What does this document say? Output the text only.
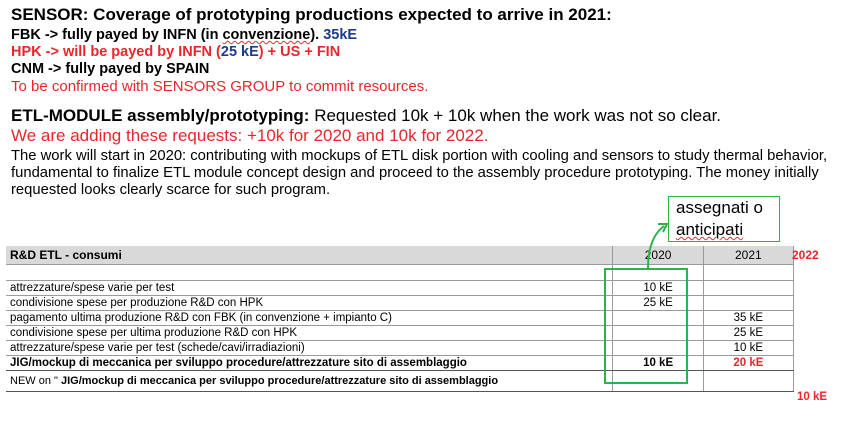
SENSOR: Coverage of prototyping productions expected to arrive in 2021:
FBK -> fully payed by INFN (in convenzione). 35kE
HPK -> will be payed by INFN (25 kE) + US + FIN
CNM -> fully payed by SPAIN
To be confirmed with SENSORS GROUP to commit resources.
ETL-MODULE assembly/prototyping: Requested 10k + 10k when the work was not so clear.
We are adding these requests: +10k for 2020 and 10k for 2022.
The work will start in 2020: contributing with mockups of ETL disk portion with cooling and sensors to study thermal behavior, fundamental to finalize ETL module concept design and proceed to the assembly procedure prototyping. The money initially requested looks clearly scarce for such program.
R&D ETL - consumi	2020	2021

attrezzature/spese varie per test	10 kE	
condivisione spese per produzione R&D con HPK	25 kE	
pagamento ultima produzione R&D con FBK (in convenzione + impianto C)		35 kE
condivisione spese per ultima produzione R&D con HPK		25 kE
attrezzature/spese varie per test (schede/cavi/irradiazioni)		10 kE
JIG/mockup di meccanica per sviluppo procedure/attrezzature sito di assemblaggio	10 kE	20 kE
NEW on " JIG/mockup di meccanica per sviluppo procedure/attrezzature sito di assemblaggio		
2022
10 kE
assegnati o
anticipati
